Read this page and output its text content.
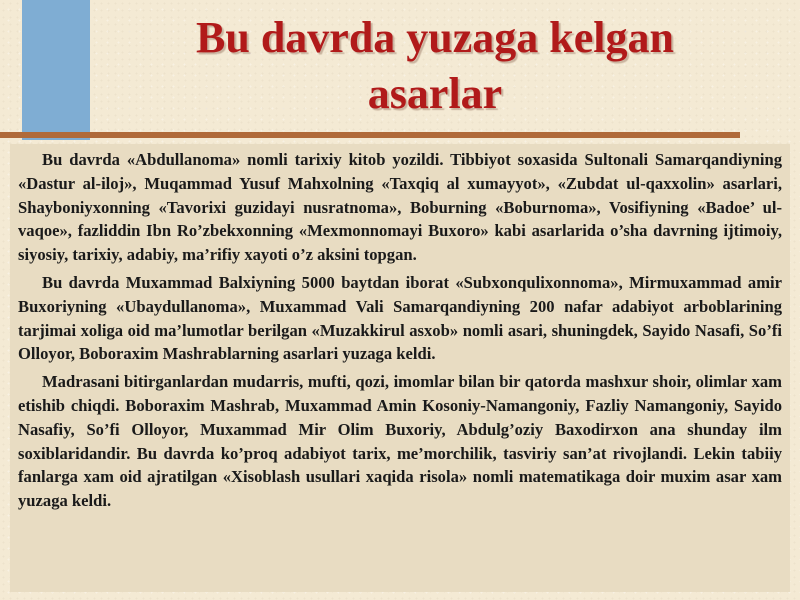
Bu davrda yuzaga kelgan asarlar

Bu davrda «Abdullanoma» nomli tarixiy kitob yozildi. Tibbiyot soxasida Sultonali Samarqandiyning «Dastur al-iloj», Muqammad Yusuf Mahxolning «Taxqiq al xumayyot», «Zubdat ul-qaxxolin» asarlari, Shayboniyxonning «Tavorixi guzidayi nusratnoma», Boburning «Boburnoma», Vosifiyning «Badoe’ ul-vaqoe», fazliddin Ibn Ro’zbekxonning «Mexmonnomayi Buxoro» kabi asarlarida o’sha davrning ijtimoiy, siyosiy, tarixiy, adabiy, ma’rifiy xayoti o’z aksini topgan.

Bu davrda Muxammad Balxiyning 5000 baytdan iborat «Subxonqulixonnoma», Mirmuxammad amir Buxoriyning «Ubaydullanoma», Muxammad Vali Samarqandiyning 200 nafar adabiyot arboblarining tarjimai xoliga oid ma’lumotlar berilgan «Muzakkirul asxob» nomli asari, shuningdek, Sayido Nasafi, So’fi Olloyor, Boboraxim Mashrablarning asarlari yuzaga keldi.

Madrasani bitirganlardan mudarris, mufti, qozi, imomlar bilan bir qatorda mashxur shoir, olimlar xam etishib chiqdi. Boboraxim Mashrab, Muxammad Amin Kosoniy-Namangoniy, Fazliy Namangoniy, Sayido Nasafiy, So’fi Olloyor, Muxammad Mir Olim Buxoriy, Abdulg’oziy Baxodirxon ana shunday ilm soxiblaridandir. Bu davrda ko’proq adabiyot tarix, me’morchilik, tasviriy san’at rivojlandi. Lekin tabiiy fanlarga xam oid ajratilgan «Xisoblash usullari xaqida risola» nomli matematikaga doir muxim asar xam yuzaga keldi.
